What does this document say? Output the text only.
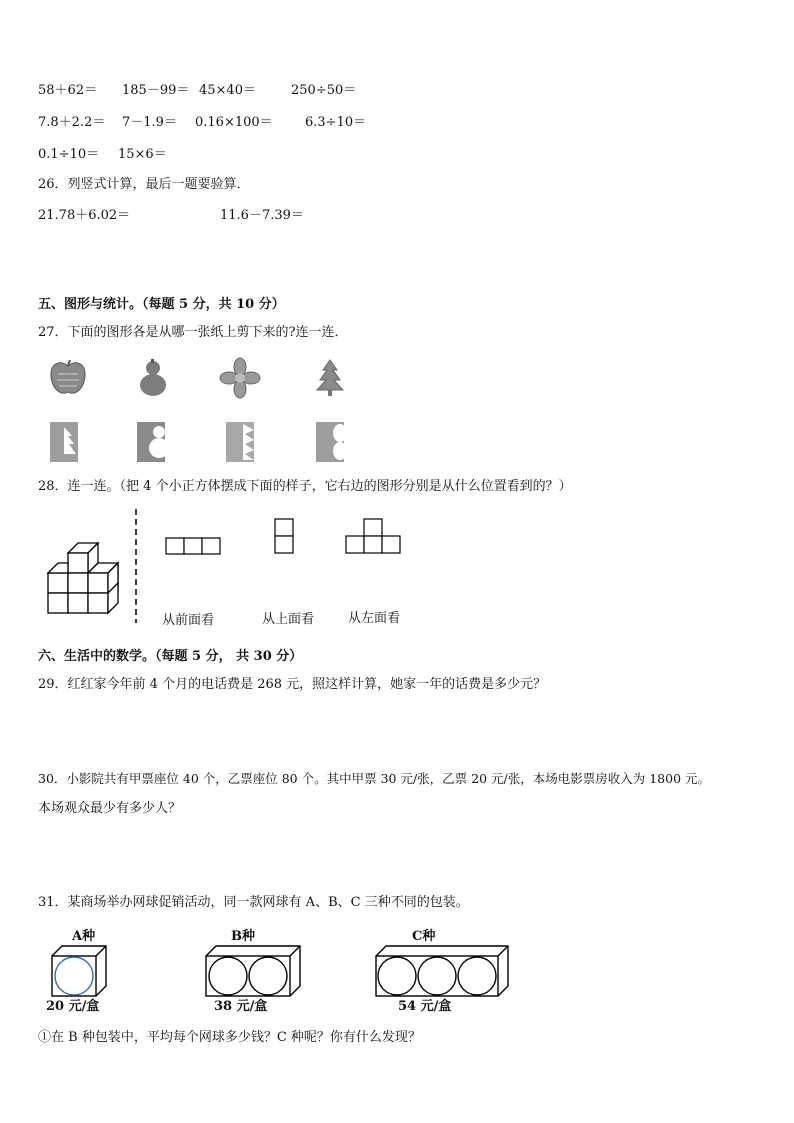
58＋62＝ 185－99＝ 45×40＝	250÷50＝
7.8＋2.2＝ 7－1.9＝ 0.16×100＝ 6.3÷10＝
0.1÷10＝ 15×6＝
26．列竖式计算，最后一题要验算．
21.78＋6.02＝	11.6－7.39＝
五、图形与统计。（每题 5 分，共 10 分）
27．下面的图形各是从哪一张纸上剪下来的?连一连．
28．连一连。（把 4 个小正方体摆成下面的样子，它右边的图形分别是从什么位置看到的？）
从前面看	从上面看	从左面看
六、生活中的数学。（每题 5 分， 共 30 分）
29．红红家今年前 4 个月的电话费是 268 元，照这样计算，她家一年的话费是多少元？
30．小影院共有甲票座位 40 个，乙票座位 80 个。其中甲票 30 元/张，乙票 20 元/张，本场电影票房收入为 1800 元。
本场观众最少有多少人？
31．某商场举办网球促销活动，同一款网球有 A、B、C 三种不同的包装。
A种	B种	C种
20 元/盒	38 元/盒	54 元/盒
①在 B 种包装中，平均每个网球多少钱？C 种呢？你有什么发现？
